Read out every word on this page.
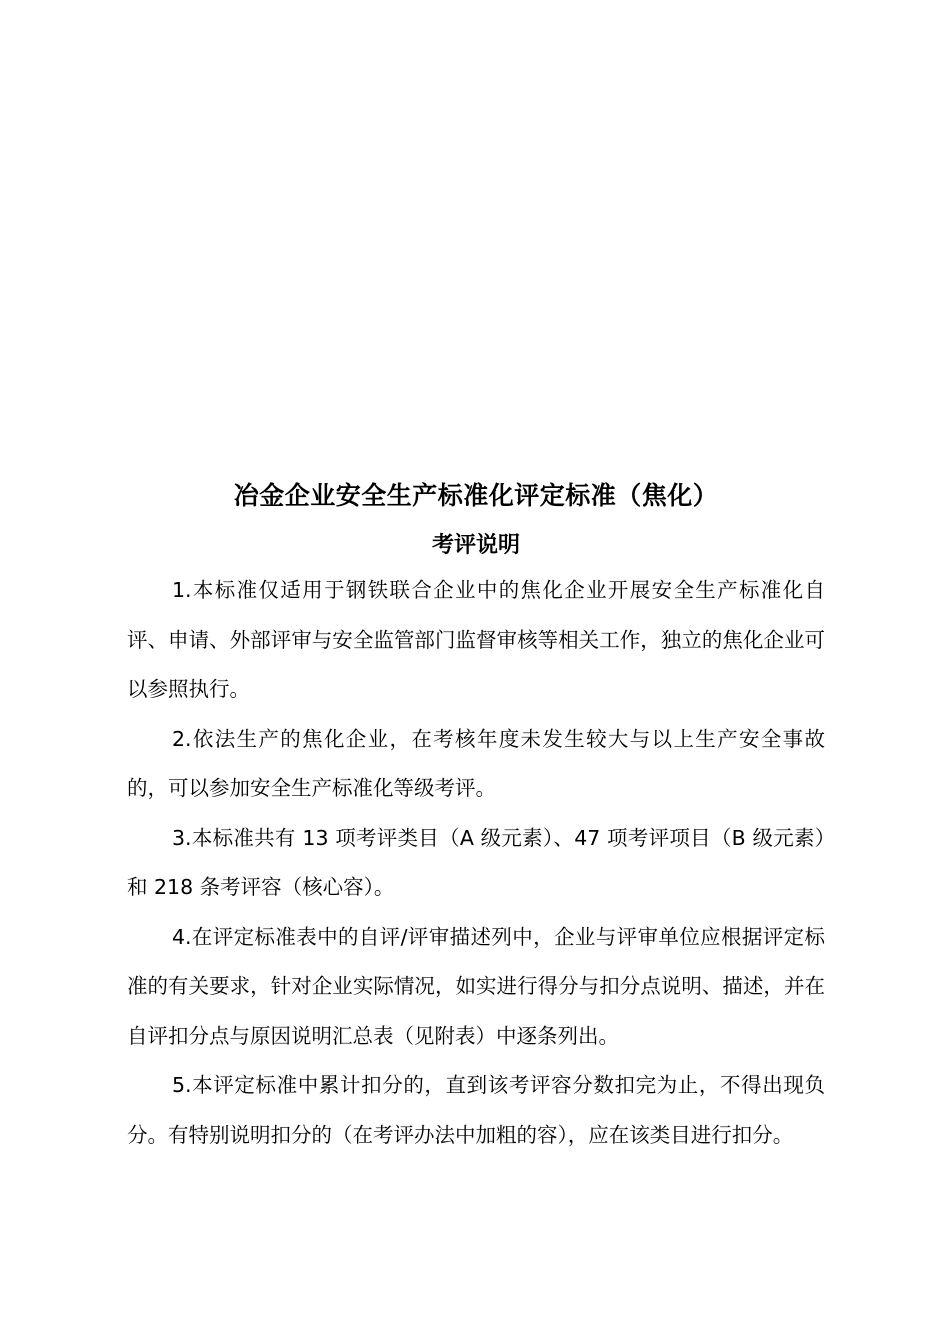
冶金企业安全生产标准化评定标准（焦化）
考评说明

1.本标准仅适用于钢铁联合企业中的焦化企业开展安全生产标准化自评、申请、外部评审与安全监管部门监督审核等相关工作，独立的焦化企业可以参照执行。

2.依法生产的焦化企业，在考核年度未发生较大与以上生产安全事故的，可以参加安全生产标准化等级考评。

3.本标准共有 13 项考评类目（A 级元素）、47 项考评项目（B 级元素）和 218 条考评容（核心容）。

4.在评定标准表中的自评/评审描述列中，企业与评审单位应根据评定标准的有关要求，针对企业实际情况，如实进行得分与扣分点说明、描述，并在自评扣分点与原因说明汇总表（见附表）中逐条列出。

5.本评定标准中累计扣分的，直到该考评容分数扣完为止，不得出现负分。有特别说明扣分的（在考评办法中加粗的容），应在该类目进行扣分。
